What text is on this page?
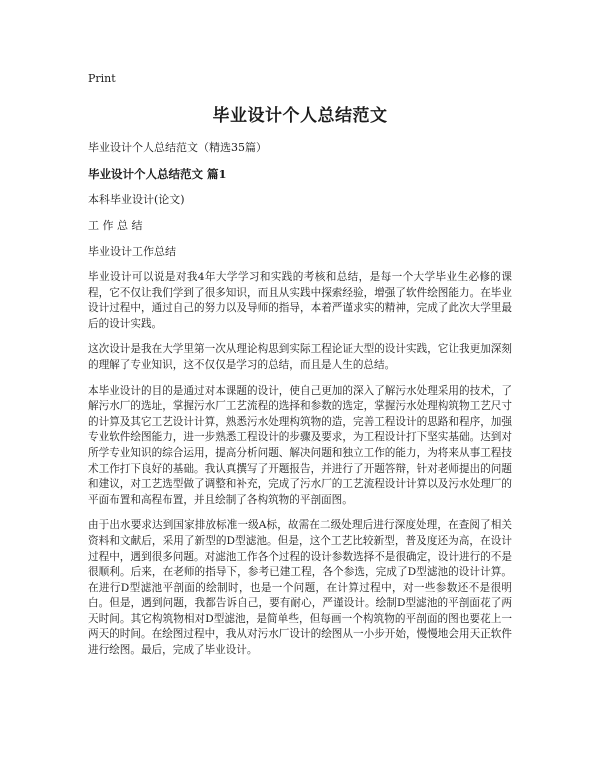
Print
毕业设计个人总结范文
毕业设计个人总结范文（精选35篇）
毕业设计个人总结范文 篇1
本科毕业设计(论文)
工 作 总 结
毕业设计工作总结

毕业设计可以说是对我4年大学学习和实践的考核和总结，是每一个大学毕业生必修的课程，它不仅让我们学到了很多知识，而且从实践中探索经验，增强了软件绘图能力。在毕业设计过程中，通过自己的努力以及导师的指导，本着严谨求实的精神，完成了此次大学里最后的设计实践。

这次设计是我在大学里第一次从理论构思到实际工程论证大型的设计实践，它让我更加深刻的理解了专业知识，这不仅仅是学习的总结，而且是人生的总结。

本毕业设计的目的是通过对本课题的设计，使自己更加的深入了解污水处理采用的技术，了解污水厂的选址，掌握污水厂工艺流程的选择和参数的选定，掌握污水处理构筑物工艺尺寸的计算及其它工艺设计计算，熟悉污水处理构筑物的造，完善工程设计的思路和程序，加强专业软件绘图能力，进一步熟悉工程设计的步骤及要求，为工程设计打下坚实基础。达到对所学专业知识的综合运用，提高分析问题、解决问题和独立工作的能力，为将来从事工程技术工作打下良好的基础。我认真撰写了开题报告，并进行了开题答辩，针对老师提出的问题和建议，对工艺选型做了调整和补充，完成了污水厂的工艺流程设计计算以及污水处理厂的平面布置和高程布置，并且绘制了各构筑物的平剖面图。

由于出水要求达到国家排放标准一级A标，故需在二级处理后进行深度处理，在查阅了相关资料和文献后，采用了新型的D型滤池。但是，这个工艺比较新型，普及度还为高，在设计过程中，遇到很多问题。对滤池工作各个过程的设计参数选择不是很确定，设计进行的不是很顺利。后来，在老师的指导下，参考已建工程，各个参选，完成了D型滤池的设计计算。在进行D型滤池平剖面的绘制时，也是一个问题，在计算过程中，对一些参数还不是很明白。但是，遇到问题，我都告诉自己，要有耐心，严谨设计。绘制D型滤池的平剖面花了两天时间。其它构筑物相对D型滤池，是简单些，但每画一个构筑物的平剖面的图也要花上一两天的时间。在绘图过程中，我从对污水厂设计的绘图从一小步开始，慢慢地会用天正软件进行绘图。最后，完成了毕业设计。
